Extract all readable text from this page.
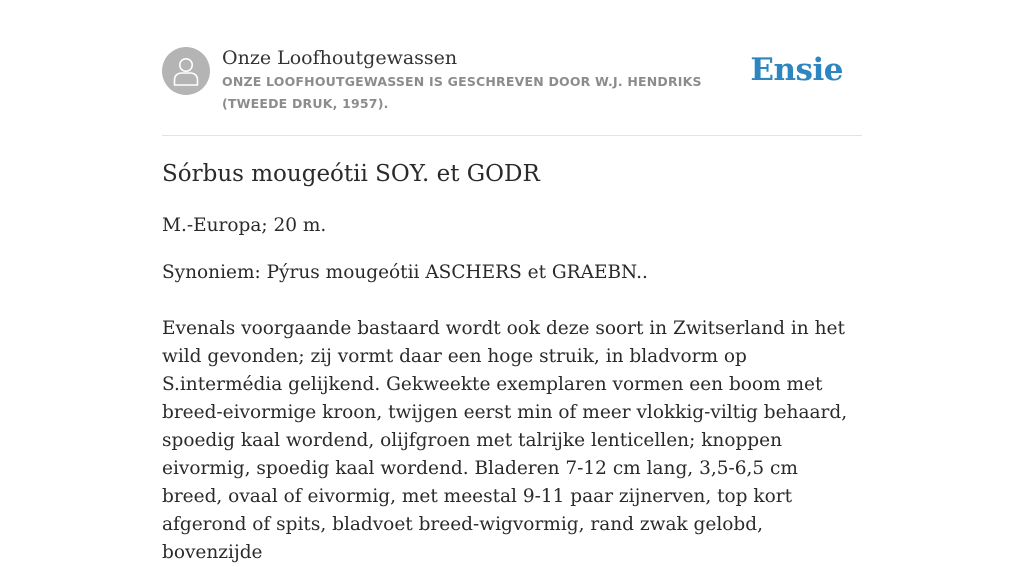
Onze Loofhoutgewassen
ONZE LOOFHOUTGEWASSEN IS GESCHREVEN DOOR W.J. HENDRIKS (TWEEDE DRUK, 1957).
Ensie
Sórbus mougeótii SOY. et GODR

M.-Europa; 20 m.

Synoniem: Pýrus mougeótii ASCHERS et GRAEBN..

Evenals voorgaande bastaard wordt ook deze soort in Zwitserland in het wild gevonden; zij vormt daar een hoge struik, in bladvorm op S.intermédia gelijkend. Gekweekte exemplaren vormen een boom met breed-eivormige kroon, twijgen eerst min of meer vlokkig-viltig behaard, spoedig kaal wordend, olijfgroen met talrijke lenticellen; knoppen eivormig, spoedig kaal wordend. Bladeren 7-12 cm lang, 3,5-6,5 cm breed, ovaal of eivormig, met meestal 9-11 paar zijnerven, top kort afgerond of spits, bladvoet breed-wigvormig, rand zwak gelobd, bovenzijde
